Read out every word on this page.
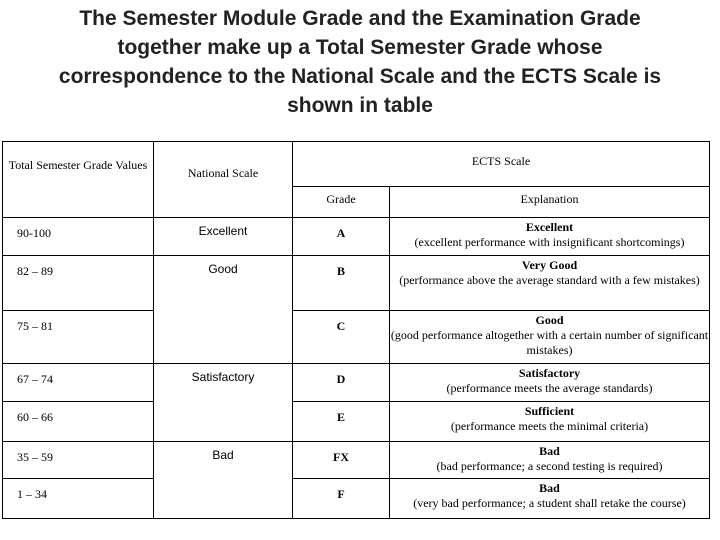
The Semester Module Grade and the Examination Grade
together make up a Total Semester Grade whose
correspondence to the National Scale and the ECTS Scale is
shown in table
Total Semester Grade Values	National Scale	ECTS Scale	
		Grade	Explanation
90-100	Excellent	A	Excellent
(excellent performance with insignificant shortcomings)

82 – 89	Good	B	Very Good
(performance above the average standard with a few mistakes)

75 – 81		C	Good
(good performance altogether with a certain number of significant mistakes)

67 – 74	Satisfactory	D	Satisfactory
(performance meets the average standards)

60 – 66		E	Sufficient
(performance meets the minimal criteria)

35 – 59	Bad	FX	Bad
(bad performance; a second testing is required)

1 – 34		F	Bad
(very bad performance; a student shall retake the course)
